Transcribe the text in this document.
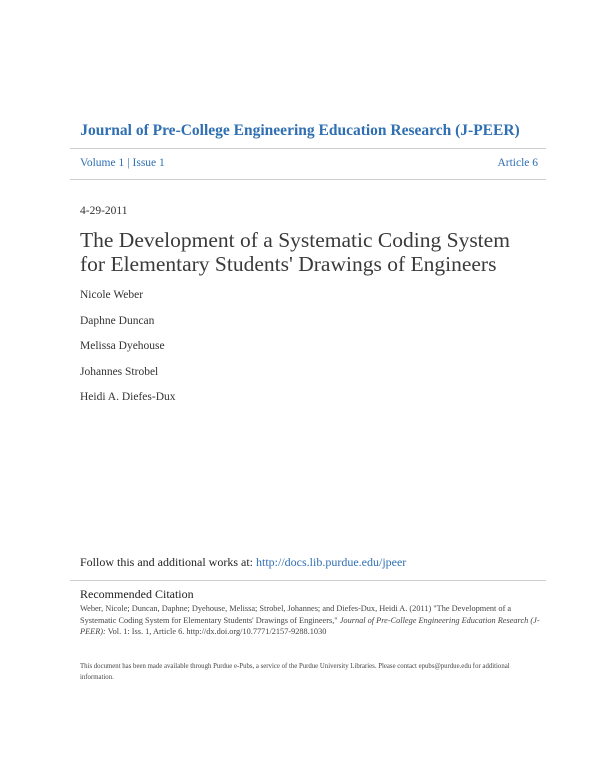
Journal of Pre-College Engineering Education Research (J-PEER)
Volume 1 | Issue 1	Article 6
4-29-2011
The Development of a Systematic Coding System for Elementary Students' Drawings of Engineers
Nicole Weber
Daphne Duncan
Melissa Dyehouse
Johannes Strobel
Heidi A. Diefes-Dux
Follow this and additional works at: http://docs.lib.purdue.edu/jpeer
Recommended Citation
Weber, Nicole; Duncan, Daphne; Dyehouse, Melissa; Strobel, Johannes; and Diefes-Dux, Heidi A. (2011) "The Development of a Systematic Coding System for Elementary Students' Drawings of Engineers," Journal of Pre-College Engineering Education Research (J-PEER): Vol. 1: Iss. 1, Article 6. http://dx.doi.org/10.7771/2157-9288.1030
This document has been made available through Purdue e-Pubs, a service of the Purdue University Libraries. Please contact epubs@purdue.edu for additional information.
